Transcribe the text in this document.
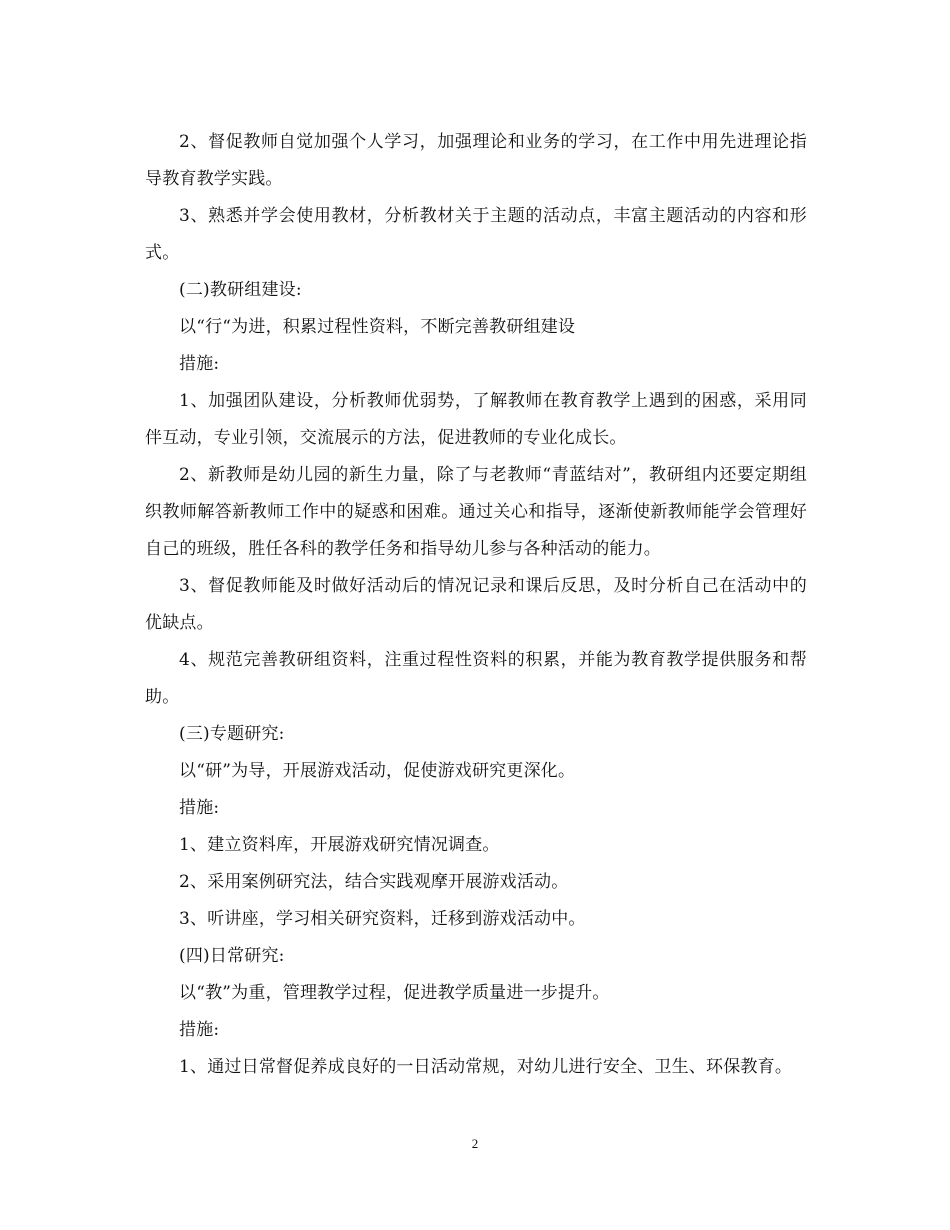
2、督促教师自觉加强个人学习，加强理论和业务的学习，在工作中用先进理论指导教育教学实践。

3、熟悉并学会使用教材，分析教材关于主题的活动点，丰富主题活动的内容和形式。

(二)教研组建设:

以“行“为进，积累过程性资料，不断完善教研组建设

措施:

1、加强团队建设，分析教师优弱势，了解教师在教育教学上遇到的困惑，采用同伴互动，专业引领，交流展示的方法，促进教师的专业化成长。

2、新教师是幼儿园的新生力量，除了与老教师“青蓝结对”，教研组内还要定期组织教师解答新教师工作中的疑惑和困难。通过关心和指导，逐渐使新教师能学会管理好自己的班级，胜任各科的教学任务和指导幼儿参与各种活动的能力。

3、督促教师能及时做好活动后的情况记录和课后反思，及时分析自己在活动中的优缺点。

4、规范完善教研组资料，注重过程性资料的积累，并能为教育教学提供服务和帮助。

(三)专题研究:

以“研”为导，开展游戏活动，促使游戏研究更深化。

措施:

1、建立资料库，开展游戏研究情况调查。

2、采用案例研究法，结合实践观摩开展游戏活动。

3、听讲座，学习相关研究资料，迁移到游戏活动中。

(四)日常研究:

以“教”为重，管理教学过程，促进教学质量进一步提升。

措施:

1、通过日常督促养成良好的一日活动常规，对幼儿进行安全、卫生、环保教育。

2
